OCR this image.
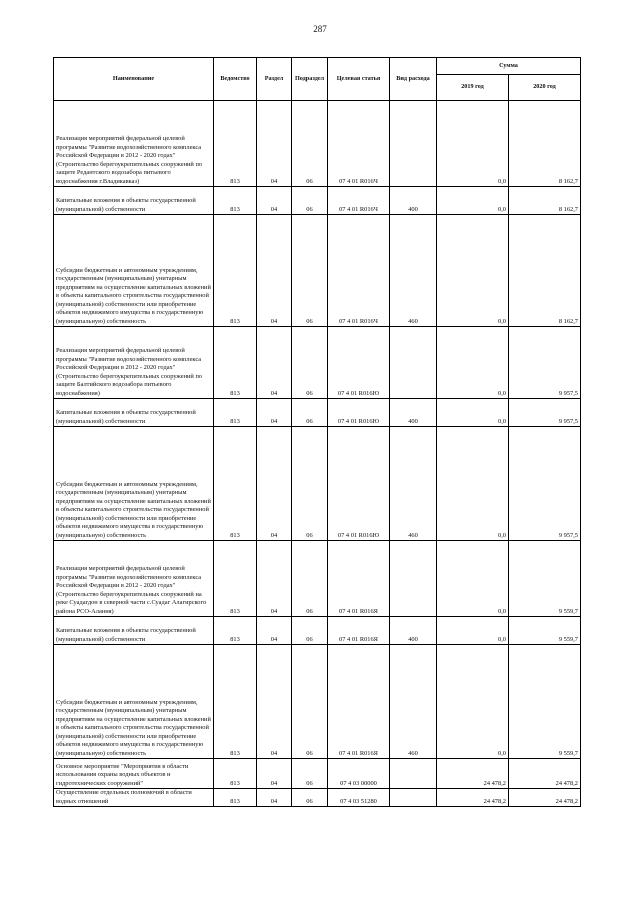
287
Наименование	Ведомство	Раздел	Подраздел	Целевая статья	Вид расхода	Сумма	
						2019 год	2020 год
Реализация мероприятий федеральной целевой программы "Развитие водохозяйственного комплекса Российской Федерации в 2012 - 2020 годах" (Строительство берегоукрепительных сооружений по защите Редантского водозабора питьевого водоснабжения г.Владикавказ)	813	04	06	07 4 01 R016Ч		0,0	8 162,7
Капитальные вложения в объекты государственной (муниципальной) собственности	813	04	06	07 4 01 R016Ч	400	0,0	8 162,7
Субсидии бюджетным и автономным учреждениям, государственным (муниципальным) унитарным предприятиям на осуществление капитальных вложений в объекты капитального строительства государственной (муниципальной) собственности или приобретение объектов недвижимого имущества в государственную (муниципальную) собственность	813	04	06	07 4 01 R016Ч	460	0,0	8 162,7
Реализация мероприятий федеральной целевой программы "Развитие водохозяйственного комплекса Российской Федерации в 2012 - 2020 годах" (Строительство берегоукрепительных сооружений по защите Балтийского водозабора питьевого водоснабжения)	813	04	06	07 4 01 R016Ю		0,0	9 957,5
Капитальные вложения в объекты государственной (муниципальной) собственности	813	04	06	07 4 01 R016Ю	400	0,0	9 957,5
Субсидии бюджетным и автономным учреждениям, государственным (муниципальным) унитарным предприятиям на осуществление капитальных вложений в объекты капитального строительства государственной (муниципальной) собственности или приобретение объектов недвижимого имущества в государственную (муниципальную) собственность	813	04	06	07 4 01 R016Ю	460	0,0	9 957,5
Реализация мероприятий федеральной целевой программы "Развитие водохозяйственного комплекса Российской Федерации в 2012 - 2020 годах" (Строительство берегоукрепительных сооружений на реке Суадагдон в северной части с.Суадаг Алагирского района РСО-Алания)	813	04	06	07 4 01 R016Я		0,0	9 559,7
Капитальные вложения в объекты государственной (муниципальной) собственности	813	04	06	07 4 01 R016Я	400	0,0	9 559,7
Субсидии бюджетным и автономным учреждениям, государственным (муниципальным) унитарным предприятиям на осуществление капитальных вложений в объекты капитального строительства государственной (муниципальной) собственности или приобретение объектов недвижимого имущества в государственную (муниципальную) собственность	813	04	06	07 4 01 R016Я	460	0,0	9 559,7
Основное мероприятие "Мероприятия в области использования охраны водных объектов и гидротехнических сооружений"	813	04	06	07 4 03 00000		24 478,2	24 478,2
Осуществление отдельных полномочий в области водных отношений	813	04	06	07 4 03 51280		24 478,2	24 478,2
